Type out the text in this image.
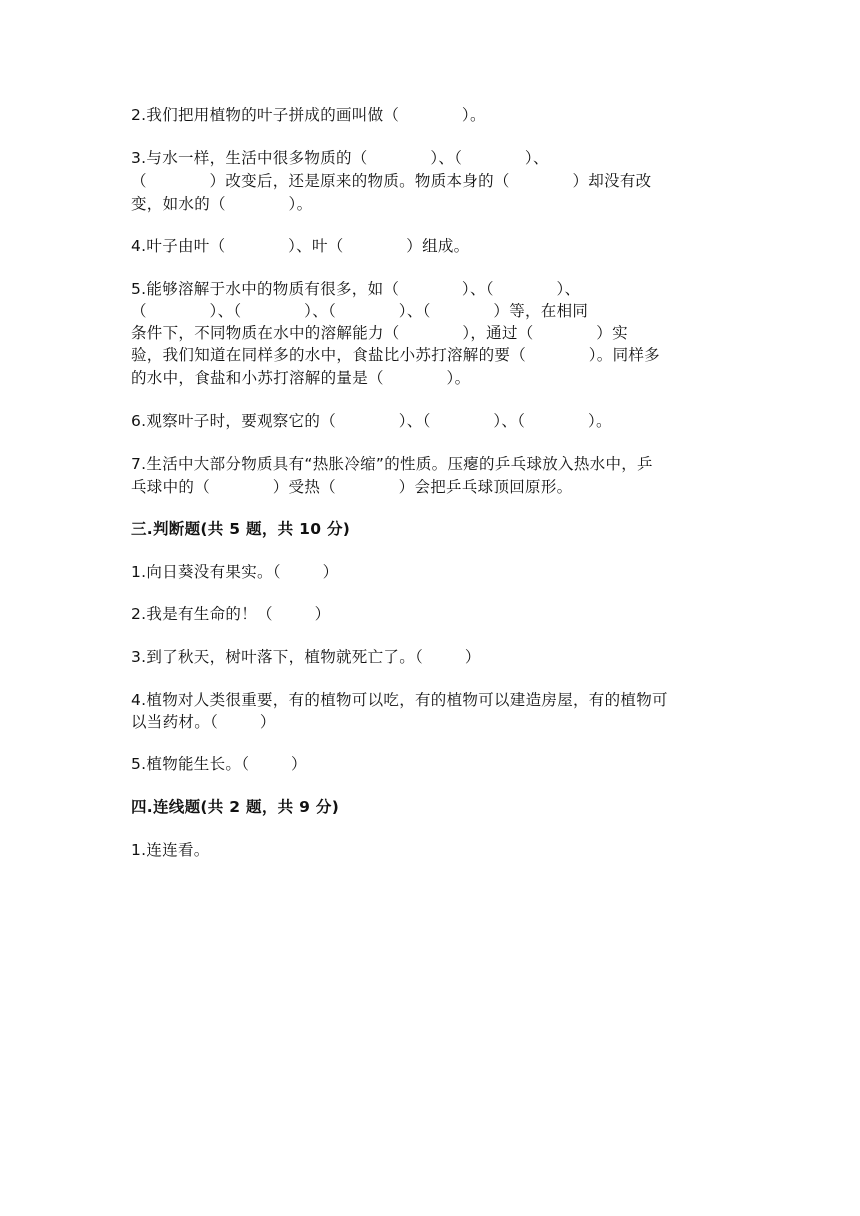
2.我们把用植物的叶子拼成的画叫做（            ）。
3.与水一样，生活中很多物质的（            ）、（            ）、
（            ）改变后，还是原来的物质。物质本身的（            ）却没有改
变，如水的（            ）。
4.叶子由叶（            ）、叶（            ）组成。
5.能够溶解于水中的物质有很多，如（            ）、（            ）、
（            ）、（            ）、（            ）、（            ）等，在相同
条件下，不同物质在水中的溶解能力（            ），通过（            ）实
验，我们知道在同样多的水中，食盐比小苏打溶解的要（            ）。同样多
的水中，食盐和小苏打溶解的量是（            ）。
6.观察叶子时，要观察它的（            ）、（            ）、（            ）。
7.生活中大部分物质具有“热胀冷缩”的性质。压瘪的乒乓球放入热水中，乒
乓球中的（            ）受热（            ）会把乒乓球顶回原形。
三.判断题(共 5 题，共 10 分)
1.向日葵没有果实。（        ）
2.我是有生命的！（        ）
3.到了秋天，树叶落下，植物就死亡了。（        ）
4.植物对人类很重要，有的植物可以吃，有的植物可以建造房屋，有的植物可
以当药材。（        ）
5.植物能生长。（        ）
四.连线题(共 2 题，共 9 分)
1.连连看。
